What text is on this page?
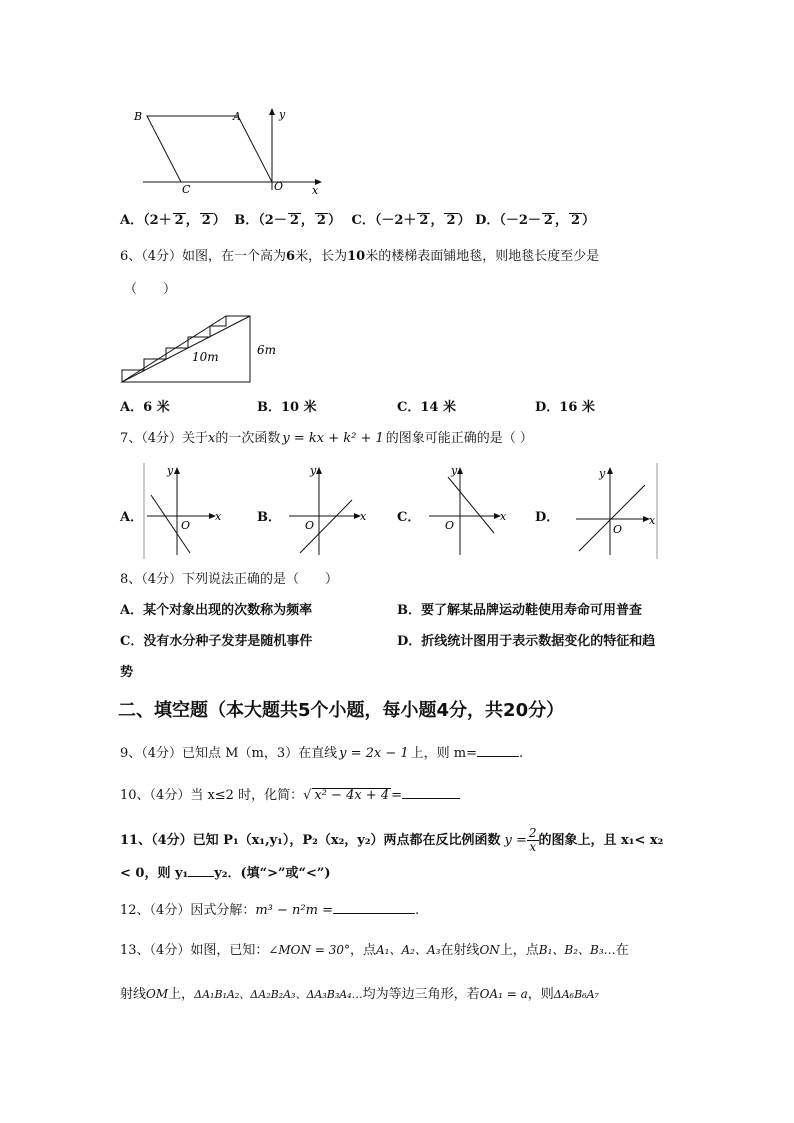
B	A
C	O	x
y
A．（2＋ 2 ， 2 ） B．（2－ 2 ， 2 ） C．（－2＋ 2 ， 2 ） D．（－2－ 2 ， 2 ）
6、（4分）如图，在一个高为6米，长为10米的楼梯表面铺地毯，则地毯长度至少是
（　　）
10m	6m
A．6 米	B．10 米	C．14 米	D．16 米
7、（4分）关于x的一次函数 y = kx + k² + 1 的图象可能正确的是（ ）
A．	B．	C．	D．
y
x
O
y
x
O
y
x
O
y
x
O
8、（4分）下列说法正确的是（　　）
A．某个对象出现的次数称为频率	B．要了解某品牌运动鞋使用寿命可用普查
C．没有水分种子发芽是随机事件	D．折线统计图用于表示数据变化的特征和趋
势
二、填空题（本大题共5个小题，每小题4分，共20分）
9、（4分）已知点 M（m，3）在直线 y = 2x − 1 上，则 m=	.
10、（4分）当 x≤2 时，化简：√ x² − 4x + 4 =
11、（4分）已知 P₁（x₁,y₁），P₂（x₂，y₂）两点都在反比例函数 $y = \frac{2}{x}$ 的图象上，且 x₁< x₂
< 0，则 y₁ y₂．(填“>”或“<”)
12、（4分）因式分解：m³ − n²m =	.
13、（4分）如图，已知：∠MON = 30°，点A₁、A₂、A₃在射线ON上，点B₁、B₂、B₃…在
射线OM上，ΔA₁B₁A₂、ΔA₂B₂A₃、ΔA₃B₃A₄…均为等边三角形，若OA₁ = a，则ΔA₆B₆A₇
